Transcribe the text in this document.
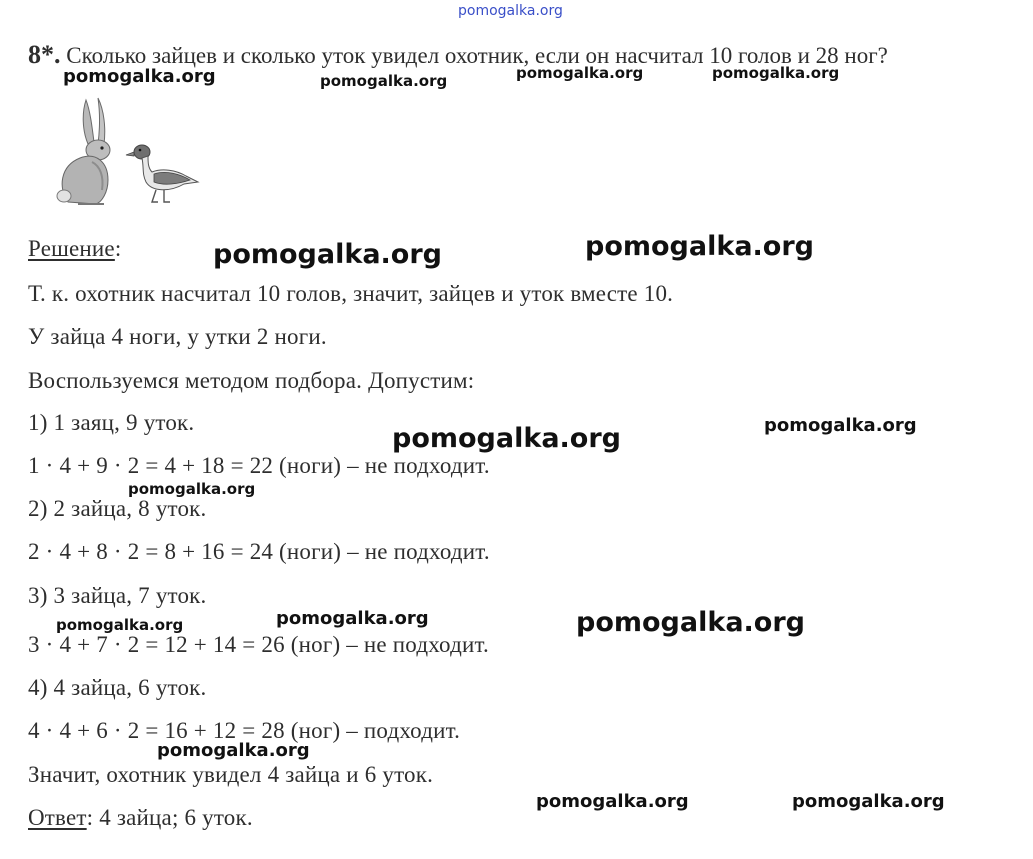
pomogalka.org
8*. Сколько зайцев и сколько уток увидел охотник, если он насчитал 10 голов и 28 ног?
Решение:
Т. к. охотник насчитал 10 голов, значит, зайцев и уток вместе 10.
У зайца 4 ноги, у утки 2 ноги.
Воспользуемся методом подбора. Допустим:
1) 1 заяц, 9 уток.
1 · 4 + 9 · 2 = 4 + 18 = 22 (ноги) – не подходит.
2) 2 зайца, 8 уток.
2 · 4 + 8 · 2 = 8 + 16 = 24 (ноги) – не подходит.
3) 3 зайца, 7 уток.
3 · 4 + 7 · 2 = 12 + 14 = 26 (ног) – не подходит.
4) 4 зайца, 6 уток.
4 · 4 + 6 · 2 = 16 + 12 = 28 (ног) – подходит.
Значит, охотник увидел 4 зайца и 6 уток.
Ответ: 4 зайца; 6 уток.
pomogalka.org	pomogalka.org	pomogalka.org	pomogalka.org
pomogalka.org	pomogalka.org
pomogalka.org	pomogalka.org
pomogalka.org
pomogalka.org
pomogalka.org	pomogalka.org
pomogalka.org
pomogalka.org	pomogalka.org
